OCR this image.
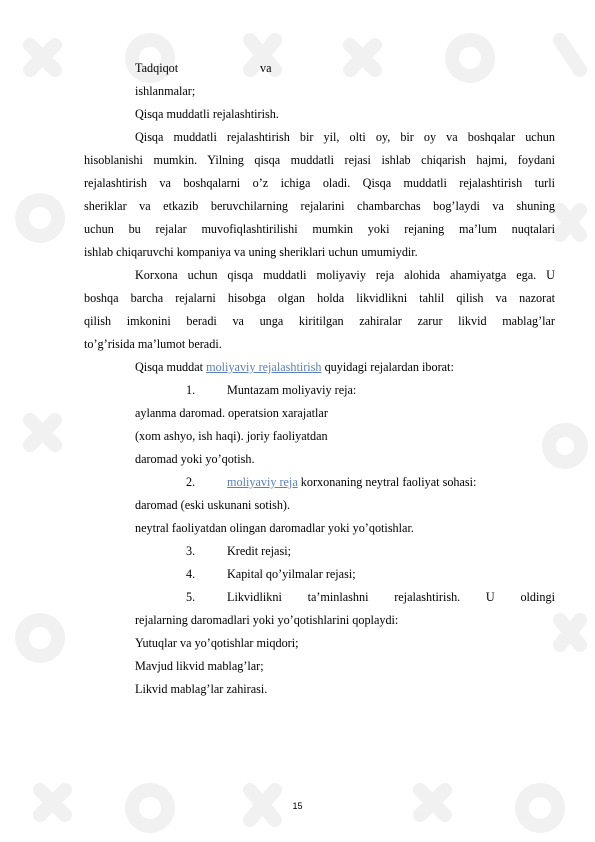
Tadqiqot	va
ishlanmalar;
Qisqa muddatli rejalashtirish.
Qisqa muddatli rejalashtirish bir yil, olti oy, bir oy va boshqalar uchun
hisoblanishi mumkin. Yilning qisqa muddatli rejasi ishlab chiqarish hajmi, foydani
rejalashtirish va boshqalarni o’z ichiga oladi. Qisqa muddatli rejalashtirish turli
sheriklar va etkazib beruvchilarning rejalarini chambarchas bog’laydi va shuning
uchun bu rejalar muvofiqlashtirilishi mumkin yoki rejaning ma’lum nuqtalari
ishlab chiqaruvchi kompaniya va uning sheriklari uchun umumiydir.
Korxona uchun qisqa muddatli moliyaviy reja alohida ahamiyatga ega. U
boshqa barcha rejalarni hisobga olgan holda likvidlikni tahlil qilish va nazorat
qilish imkonini beradi va unga kiritilgan zahiralar zarur likvid mablag’lar
to’g’risida ma’lumot beradi.
Qisqa muddat moliyaviy rejalashtirish quyidagi rejalardan iborat:
1.	Muntazam moliyaviy reja:
aylanma daromad. operatsion xarajatlar
(xom ashyo, ish haqi). joriy faoliyatdan
daromad yoki yo’qotish.
2.	moliyaviy reja korxonaning neytral faoliyat sohasi:
daromad (eski uskunani sotish).
neytral faoliyatdan olingan daromadlar yoki yo’qotishlar.
3.	Kredit rejasi;
4.	Kapital qo’yilmalar rejasi;
5.	Likvidlikni ta’minlashni rejalashtirish. U oldingi
rejalarning daromadlari yoki yo’qotishlarini qoplaydi:
Yutuqlar va yo’qotishlar miqdori;
Mavjud likvid mablag’lar;
Likvid mablag’lar zahirasi.
15
